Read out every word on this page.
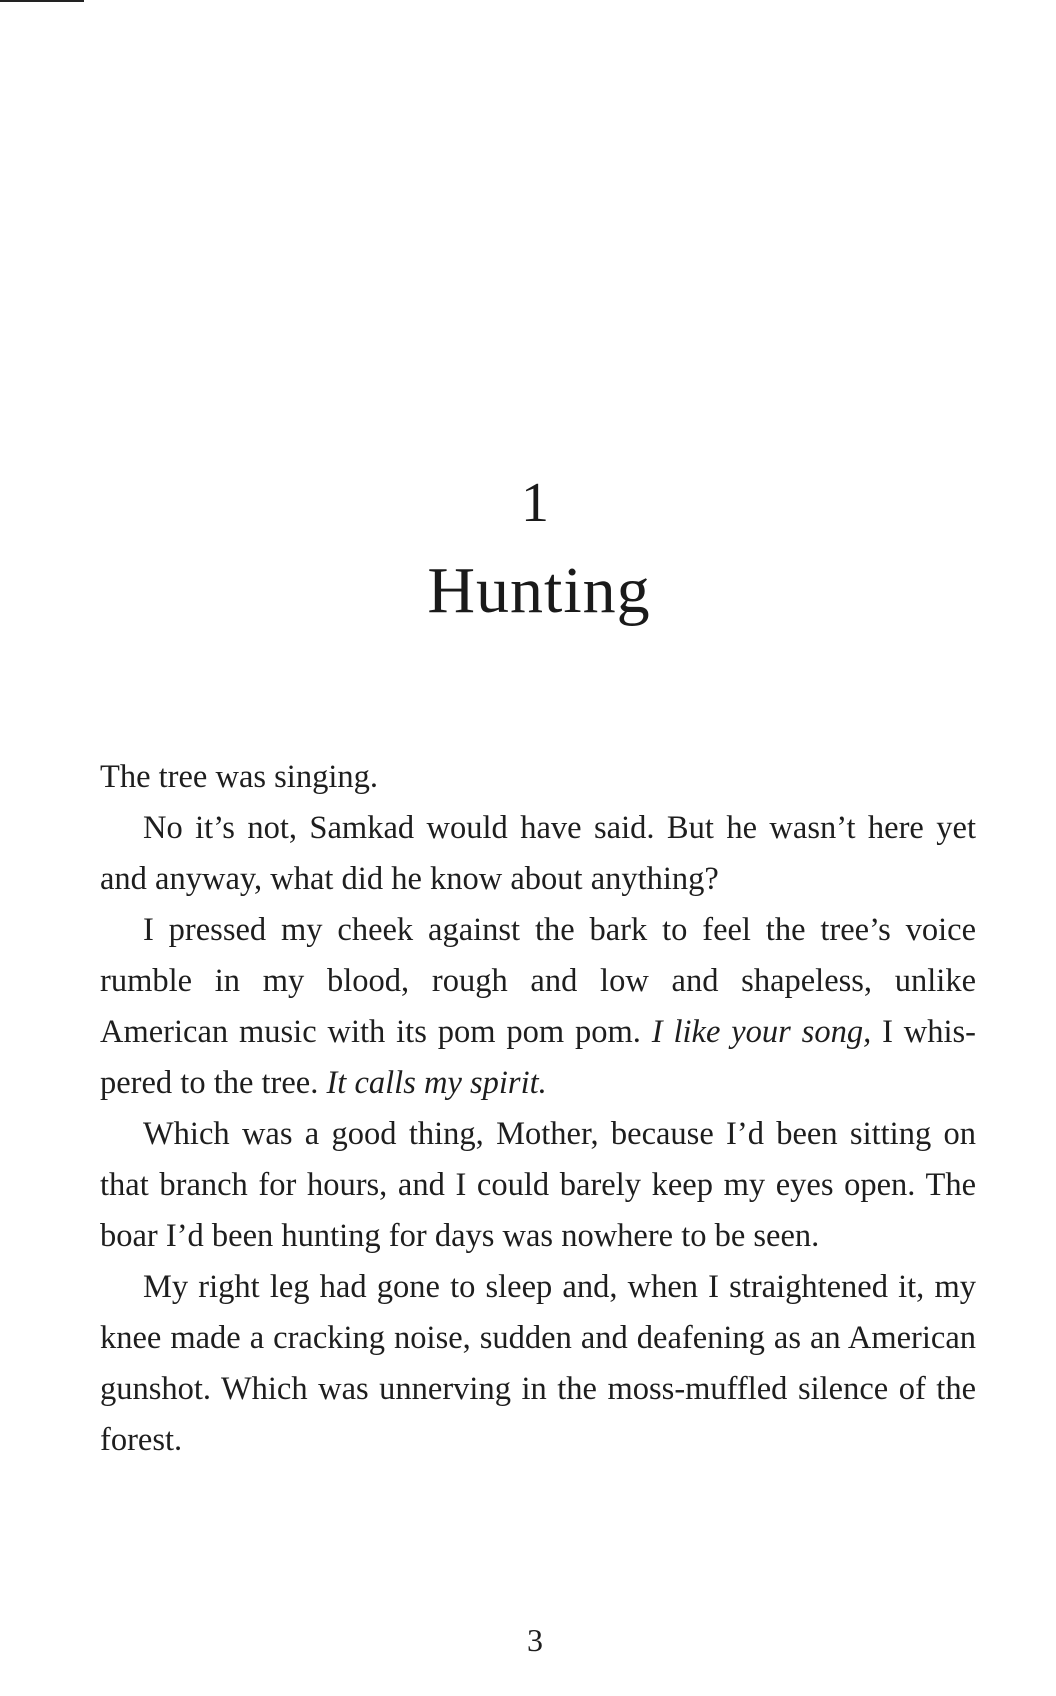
1
Hunting

The tree was singing.

No it’s not, Samkad would have said. But he wasn’t here yet and anyway, what did he know about anything?

I pressed my cheek against the bark to feel the tree’s voice rumble in my blood, rough and low and shapeless, unlike American music with its pom pom pom. I like your song, I whispered to the tree. It calls my spirit.

Which was a good thing, Mother, because I’d been sitting on that branch for hours, and I could barely keep my eyes open. The boar I’d been hunting for days was nowhere to be seen.

My right leg had gone to sleep and, when I straightened it, my knee made a cracking noise, sudden and deafening as an American gunshot. Which was unnerving in the moss-muffled silence of the forest.

3
